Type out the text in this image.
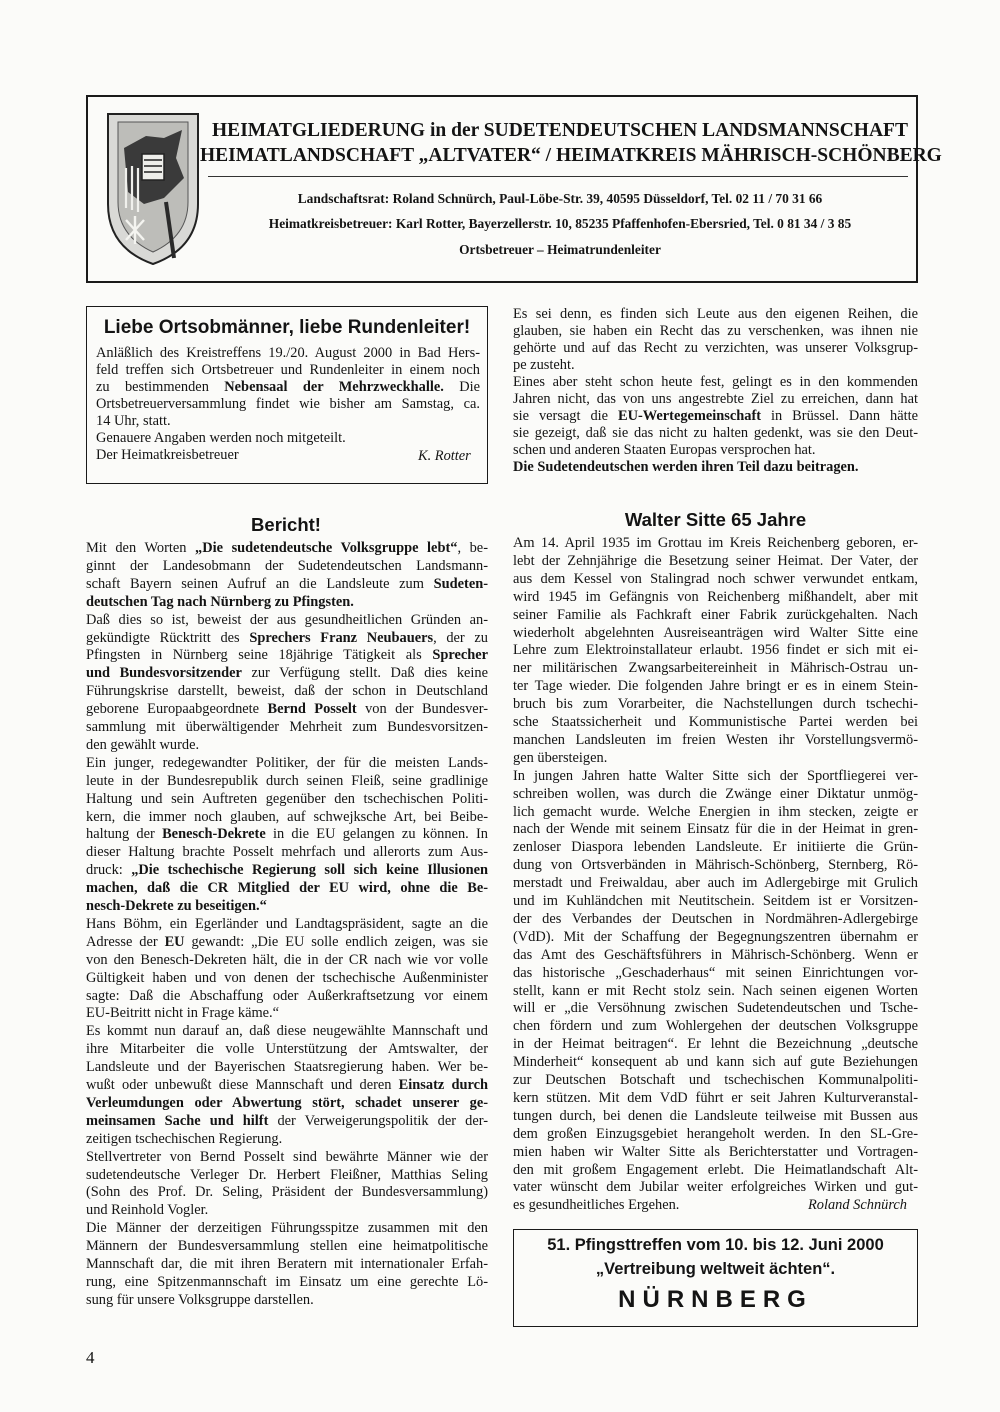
HEIMATGLIEDERUNG in der SUDETENDEUTSCHEN LANDSMANNSCHAFT
HEIMATLANDSCHAFT „ALTVATER“ / HEIMATKREIS MÄHRISCH-SCHÖNBERG
Landschaftsrat: Roland Schnürch, Paul-Löbe-Str. 39, 40595 Düsseldorf, Tel. 02 11 / 70 31 66
Heimatkreisbetreuer: Karl Rotter, Bayerzellerstr. 10, 85235 Pfaffenhofen-Ebersried, Tel. 0 81 34 / 3 85
Ortsbetreuer – Heimatrundenleiter
Liebe Ortsobmänner, liebe Rundenleiter!
Anläßlich des Kreistreffens 19./20. August 2000 in Bad Hers-
feld treffen sich Ortsbetreuer und Rundenleiter in einem noch
zu bestimmenden Nebensaal der Mehrzweckhalle. Die
Ortsbetreuerversammlung findet wie bisher am Samstag, ca.
14 Uhr, statt.
Genauere Angaben werden noch mitgeteilt.
Der Heimatkreisbetreuer	K. Rotter
Es sei denn, es finden sich Leute aus den eigenen Reihen, die
glauben, sie haben ein Recht das zu verschenken, was ihnen nie
gehörte und auf das Recht zu verzichten, was unserer Volksgrup-
pe zusteht.
Eines aber steht schon heute fest, gelingt es in den kommenden
Jahren nicht, das von uns angestrebte Ziel zu erreichen, dann hat
sie versagt die EU-Wertegemeinschaft in Brüssel. Dann hätte
sie gezeigt, daß sie das nicht zu halten gedenkt, was sie den Deut-
schen und anderen Staaten Europas versprochen hat.
Die Sudetendeutschen werden ihren Teil dazu beitragen.
Bericht!
Mit den Worten „Die sudetendeutsche Volksgruppe lebt“, be-
ginnt der Landesobmann der Sudetendeutschen Landsmann-
schaft Bayern seinen Aufruf an die Landsleute zum Sudeten-
deutschen Tag nach Nürnberg zu Pfingsten.
Daß dies so ist, beweist der aus gesundheitlichen Gründen an-
gekündigte Rücktritt des Sprechers Franz Neubauers, der zu
Pfingsten in Nürnberg seine 18jährige Tätigkeit als Sprecher
und Bundesvorsitzender zur Verfügung stellt. Daß dies keine
Führungskrise darstellt, beweist, daß der schon in Deutschland
geborene Europaabgeordnete Bernd Posselt von der Bundesver-
sammlung mit überwältigender Mehrheit zum Bundesvorsitzen-
den gewählt wurde.
Ein junger, redegewandter Politiker, der für die meisten Lands-
leute in der Bundesrepublik durch seinen Fleiß, seine gradlinige
Haltung und sein Auftreten gegenüber den tschechischen Politi-
kern, die immer noch glauben, auf schwejksche Art, bei Beibe-
haltung der Benesch-Dekrete in die EU gelangen zu können. In
dieser Haltung brachte Posselt mehrfach und allerorts zum Aus-
druck: „Die tschechische Regierung soll sich keine Illusionen
machen, daß die CR Mitglied der EU wird, ohne die Be-
nesch-Dekrete zu beseitigen.“
Hans Böhm, ein Egerländer und Landtagspräsident, sagte an die
Adresse der EU gewandt: „Die EU solle endlich zeigen, was sie
von den Benesch-Dekreten hält, die in der CR nach wie vor volle
Gültigkeit haben und von denen der tschechische Außenminister
sagte: Daß die Abschaffung oder Außerkraftsetzung vor einem
EU-Beitritt nicht in Frage käme.“
Es kommt nun darauf an, daß diese neugewählte Mannschaft und
ihre Mitarbeiter die volle Unterstützung der Amtswalter, der
Landsleute und der Bayerischen Staatsregierung haben. Wer be-
wußt oder unbewußt diese Mannschaft und deren Einsatz durch
Verleumdungen oder Abwertung stört, schadet unserer ge-
meinsamen Sache und hilft der Verweigerungspolitik der der-
zeitigen tschechischen Regierung.
Stellvertreter von Bernd Posselt sind bewährte Männer wie der
sudetendeutsche Verleger Dr. Herbert Fleißner, Matthias Seling
(Sohn des Prof. Dr. Seling, Präsident der Bundesversammlung)
und Reinhold Vogler.
Die Männer der derzeitigen Führungsspitze zusammen mit den
Männern der Bundesversammlung stellen eine heimatpolitische
Mannschaft dar, die mit ihren Beratern mit internationaler Erfah-
rung, eine Spitzenmannschaft im Einsatz um eine gerechte Lö-
sung für unsere Volksgruppe darstellen.
Walter Sitte 65 Jahre
Am 14. April 1935 im Grottau im Kreis Reichenberg geboren, er-
lebt der Zehnjährige die Besetzung seiner Heimat. Der Vater, der
aus dem Kessel von Stalingrad noch schwer verwundet entkam,
wird 1945 im Gefängnis von Reichenberg mißhandelt, aber mit
seiner Familie als Fachkraft einer Fabrik zurückgehalten. Nach
wiederholt abgelehnten Ausreiseanträgen wird Walter Sitte eine
Lehre zum Elektroinstallateur erlaubt. 1956 findet er sich mit ei-
ner militärischen Zwangsarbeitereinheit in Mährisch-Ostrau un-
ter Tage wieder. Die folgenden Jahre bringt er es in einem Stein-
bruch bis zum Vorarbeiter, die Nachstellungen durch tschechi-
sche Staatssicherheit und Kommunistische Partei werden bei
manchen Landsleuten im freien Westen ihr Vorstellungsvermö-
gen übersteigen.
In jungen Jahren hatte Walter Sitte sich der Sportfliegerei ver-
schreiben wollen, was durch die Zwänge einer Diktatur unmög-
lich gemacht wurde. Welche Energien in ihm stecken, zeigte er
nach der Wende mit seinem Einsatz für die in der Heimat in gren-
zenloser Diaspora lebenden Landsleute. Er initiierte die Grün-
dung von Ortsverbänden in Mährisch-Schönberg, Sternberg, Rö-
merstadt und Freiwaldau, aber auch im Adlergebirge mit Grulich
und im Kuhländchen mit Neutitschein. Seitdem ist er Vorsitzen-
der des Verbandes der Deutschen in Nordmähren-Adlergebirge
(VdD). Mit der Schaffung der Begegnungszentren übernahm er
das Amt des Geschäftsführers in Mährisch-Schönberg. Wenn er
das historische „Geschaderhaus“ mit seinen Einrichtungen vor-
stellt, kann er mit Recht stolz sein. Nach seinen eigenen Worten
will er „die Versöhnung zwischen Sudetendeutschen und Tsche-
chen fördern und zum Wohlergehen der deutschen Volksgruppe
in der Heimat beitragen“. Er lehnt die Bezeichnung „deutsche
Minderheit“ konsequent ab und kann sich auf gute Beziehungen
zur Deutschen Botschaft und tschechischen Kommunalpoliti-
kern stützen. Mit dem VdD führt er seit Jahren Kulturveranstal-
tungen durch, bei denen die Landsleute teilweise mit Bussen aus
dem großen Einzugsgebiet herangeholt werden. In den SL-Gre-
mien haben wir Walter Sitte als Berichterstatter und Vortragen-
den mit großem Engagement erlebt. Die Heimatlandschaft Alt-
vater wünscht dem Jubilar weiter erfolgreiches Wirken und gut-
es gesundheitliches Ergehen.	Roland Schnürch
51. Pfingsttreffen vom 10. bis 12. Juni 2000
„Vertreibung weltweit ächten“.
NÜRNBERG
4
